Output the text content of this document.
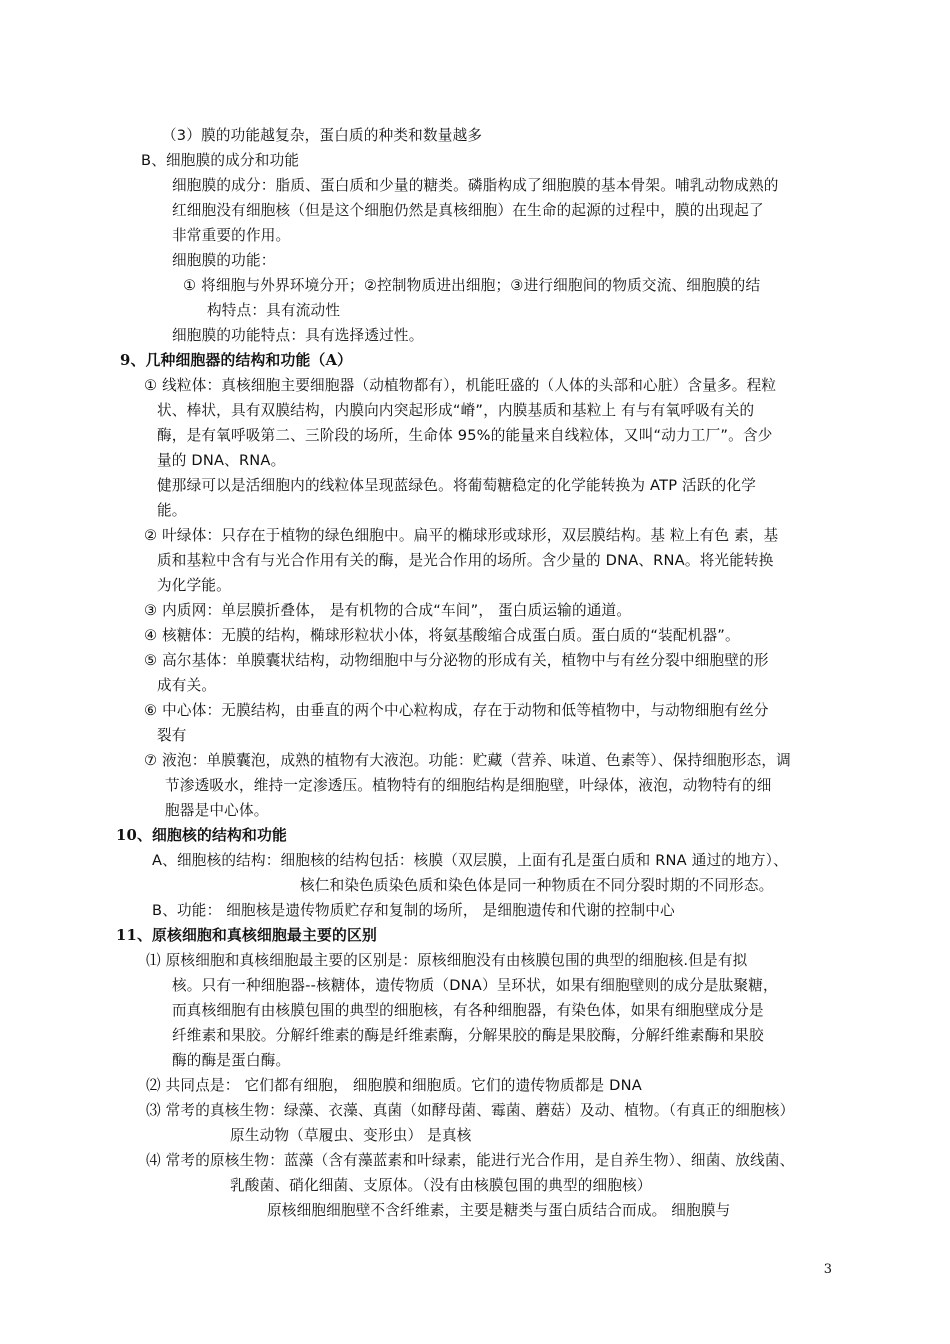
（3）膜的功能越复杂，蛋白质的种类和数量越多
B、细胞膜的成分和功能
细胞膜的成分：脂质、蛋白质和少量的糖类。磷脂构成了细胞膜的基本骨架。哺乳动物成熟的
红细胞没有细胞核（但是这个细胞仍然是真核细胞）在生命的起源的过程中，膜的出现起了
非常重要的作用。
细胞膜的功能：
① 将细胞与外界环境分开；②控制物质进出细胞；③进行细胞间的物质交流、细胞膜的结
构特点：具有流动性
细胞膜的功能特点：具有选择透过性。
9、几种细胞器的结构和功能（A）
① 线粒体：真核细胞主要细胞器（动植物都有），机能旺盛的（人体的头部和心脏）含量多。程粒
状、棒状，具有双膜结构，内膜向内突起形成“嵴”，内膜基质和基粒上 有与有氧呼吸有关的
酶，是有氧呼吸第二、三阶段的场所，生命体 95%的能量来自线粒体，又叫“动力工厂”。含少
量的 DNA、RNA。
健那绿可以是活细胞内的线粒体呈现蓝绿色。将葡萄糖稳定的化学能转换为 ATP 活跃的化学
能。
② 叶绿体：只存在于植物的绿色细胞中。扁平的椭球形或球形，双层膜结构。基 粒上有色 素，基
质和基粒中含有与光合作用有关的酶，是光合作用的场所。含少量的 DNA、RNA。将光能转换
为化学能。
③ 内质网：单层膜折叠体， 是有机物的合成“车间”， 蛋白质运输的通道。
④ 核糖体：无膜的结构，椭球形粒状小体，将氨基酸缩合成蛋白质。蛋白质的“装配机器”。
⑤ 高尔基体：单膜囊状结构，动物细胞中与分泌物的形成有关，植物中与有丝分裂中细胞壁的形
成有关。
⑥ 中心体：无膜结构，由垂直的两个中心粒构成，存在于动物和低等植物中，与动物细胞有丝分
裂有
⑦ 液泡：单膜囊泡，成熟的植物有大液泡。功能：贮藏（营养、味道、色素等）、保持细胞形态，调
节渗透吸水，维持一定渗透压。植物特有的细胞结构是细胞壁，叶绿体，液泡，动物特有的细
胞器是中心体。
10、细胞核的结构和功能
A、细胞核的结构：细胞核的结构包括：核膜（双层膜，上面有孔是蛋白质和 RNA 通过的地方）、
核仁和染色质染色质和染色体是同一种物质在不同分裂时期的不同形态。
B、功能： 细胞核是遗传物质贮存和复制的场所， 是细胞遗传和代谢的控制中心
11、原核细胞和真核细胞最主要的区别
⑴ 原核细胞和真核细胞最主要的区别是：原核细胞没有由核膜包围的典型的细胞核.但是有拟
核。只有一种细胞器--核糖体，遗传物质（DNA）呈环状，如果有细胞壁则的成分是肽聚糖，
而真核细胞有由核膜包围的典型的细胞核，有各种细胞器，有染色体，如果有细胞壁成分是
纤维素和果胶。分解纤维素的酶是纤维素酶，分解果胶的酶是果胶酶，分解纤维素酶和果胶
酶的酶是蛋白酶。
⑵ 共同点是： 它们都有细胞， 细胞膜和细胞质。它们的遗传物质都是 DNA
⑶ 常考的真核生物：绿藻、衣藻、真菌（如酵母菌、霉菌、蘑菇）及动、植物。（有真正的细胞核）
原生动物（草履虫、变形虫） 是真核
⑷ 常考的原核生物：蓝藻（含有藻蓝素和叶绿素，能进行光合作用，是自养生物）、细菌、放线菌、
乳酸菌、硝化细菌、支原体。（没有由核膜包围的典型的细胞核）
原核细胞细胞壁不含纤维素，主要是糖类与蛋白质结合而成。 细胞膜与
3
